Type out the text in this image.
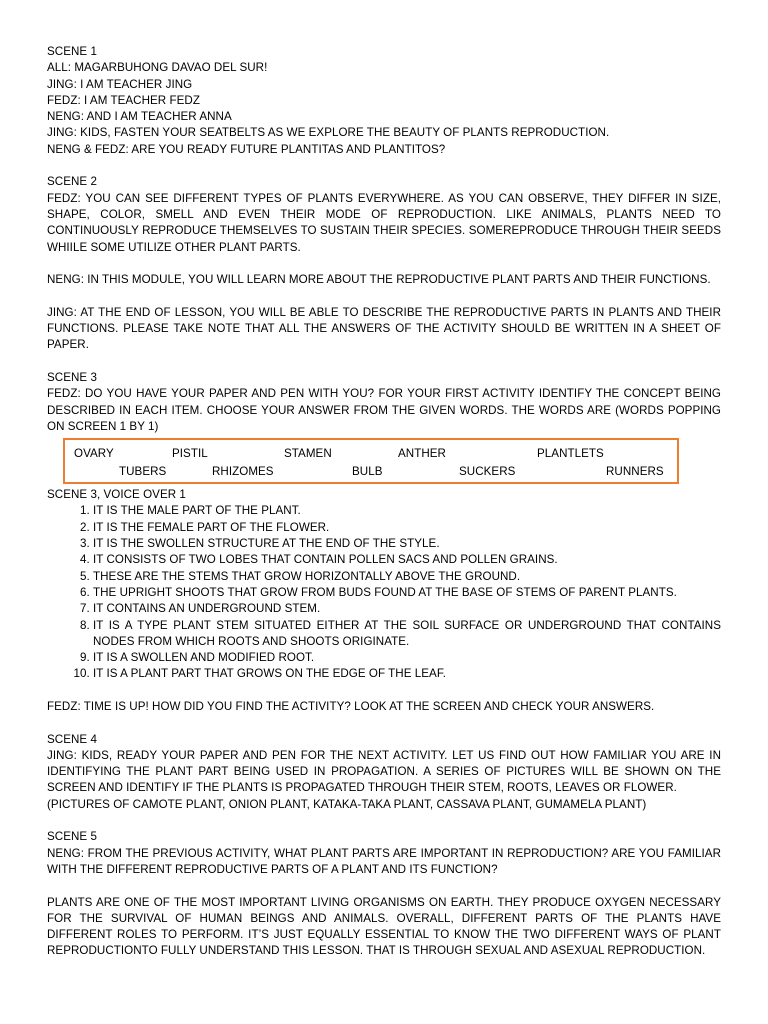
SCENE 1

ALL: MAGARBUHONG DAVAO DEL SUR!

JING: I AM TEACHER JING

FEDZ: I AM TEACHER FEDZ

NENG: AND I AM TEACHER ANNA

JING: KIDS, FASTEN YOUR SEATBELTS AS WE EXPLORE THE BEAUTY OF PLANTS REPRODUCTION.

NENG & FEDZ: ARE YOU READY FUTURE PLANTITAS AND PLANTITOS?

SCENE 2

FEDZ: YOU CAN SEE DIFFERENT TYPES OF PLANTS EVERYWHERE. AS YOU CAN OBSERVE, THEY DIFFER IN SIZE, SHAPE, COLOR, SMELL AND EVEN THEIR MODE OF REPRODUCTION. LIKE ANIMALS, PLANTS NEED TO CONTINUOUSLY REPRODUCE THEMSELVES TO SUSTAIN THEIR SPECIES. SOMEREPRODUCE THROUGH THEIR SEEDS WHIILE SOME UTILIZE OTHER PLANT PARTS.

NENG: IN THIS MODULE, YOU WILL LEARN MORE ABOUT THE REPRODUCTIVE PLANT PARTS AND THEIR FUNCTIONS.

JING: AT THE END OF LESSON, YOU WILL BE ABLE TO DESCRIBE THE REPRODUCTIVE PARTS IN PLANTS AND THEIR FUNCTIONS. PLEASE TAKE NOTE THAT ALL THE ANSWERS OF THE ACTIVITY SHOULD BE WRITTEN IN A SHEET OF PAPER.

SCENE 3

FEDZ: DO YOU HAVE YOUR PAPER AND PEN WITH YOU? FOR YOUR FIRST ACTIVITY IDENTIFY THE CONCEPT BEING DESCRIBED IN EACH ITEM. CHOOSE YOUR ANSWER FROM THE GIVEN WORDS. THE WORDS ARE (WORDS POPPING ON SCREEN 1 BY 1)

OVARY	PISTIL	STAMEN	ANTHER	PLANTLETS
TUBERS	RHIZOMES	BULB	SUCKERS	RUNNERS

SCENE 3, VOICE OVER 1

1. IT IS THE MALE PART OF THE PLANT.
2. IT IS THE FEMALE PART OF THE FLOWER.
3. IT IS THE SWOLLEN STRUCTURE AT THE END OF THE STYLE.
4. IT CONSISTS OF TWO LOBES THAT CONTAIN POLLEN SACS AND POLLEN GRAINS.
5. THESE ARE THE STEMS THAT GROW HORIZONTALLY ABOVE THE GROUND.
6. THE UPRIGHT SHOOTS THAT GROW FROM BUDS FOUND AT THE BASE OF STEMS OF PARENT PLANTS.
7. IT CONTAINS AN UNDERGROUND STEM.
8. IT IS A TYPE PLANT STEM SITUATED EITHER AT THE SOIL SURFACE OR UNDERGROUND THAT CONTAINS NODES FROM WHICH ROOTS AND SHOOTS ORIGINATE.
9. IT IS A SWOLLEN AND MODIFIED ROOT.
10. IT IS A PLANT PART THAT GROWS ON THE EDGE OF THE LEAF.

FEDZ: TIME IS UP! HOW DID YOU FIND THE ACTIVITY? LOOK AT THE SCREEN AND CHECK YOUR ANSWERS.

SCENE 4

JING: KIDS, READY YOUR PAPER AND PEN FOR THE NEXT ACTIVITY. LET US FIND OUT HOW FAMILIAR YOU ARE IN IDENTIFYING THE PLANT PART BEING USED IN PROPAGATION. A SERIES OF PICTURES WILL BE SHOWN ON THE SCREEN AND IDENTIFY IF THE PLANTS IS PROPAGATED THROUGH THEIR STEM, ROOTS, LEAVES OR FLOWER.

(PICTURES OF CAMOTE PLANT, ONION PLANT, KATAKA-TAKA PLANT, CASSAVA PLANT, GUMAMELA PLANT)

SCENE 5

NENG: FROM THE PREVIOUS ACTIVITY, WHAT PLANT PARTS ARE IMPORTANT IN REPRODUCTION? ARE YOU FAMILIAR WITH THE DIFFERENT REPRODUCTIVE PARTS OF A PLANT AND ITS FUNCTION?

PLANTS ARE ONE OF THE MOST IMPORTANT LIVING ORGANISMS ON EARTH. THEY PRODUCE OXYGEN NECESSARY FOR THE SURVIVAL OF HUMAN BEINGS AND ANIMALS. OVERALL, DIFFERENT PARTS OF THE PLANTS HAVE DIFFERENT ROLES TO PERFORM. IT’S JUST EQUALLY ESSENTIAL TO KNOW THE TWO DIFFERENT WAYS OF PLANT REPRODUCTIONTO FULLY UNDERSTAND THIS LESSON. THAT IS THROUGH SEXUAL AND ASEXUAL REPRODUCTION.
